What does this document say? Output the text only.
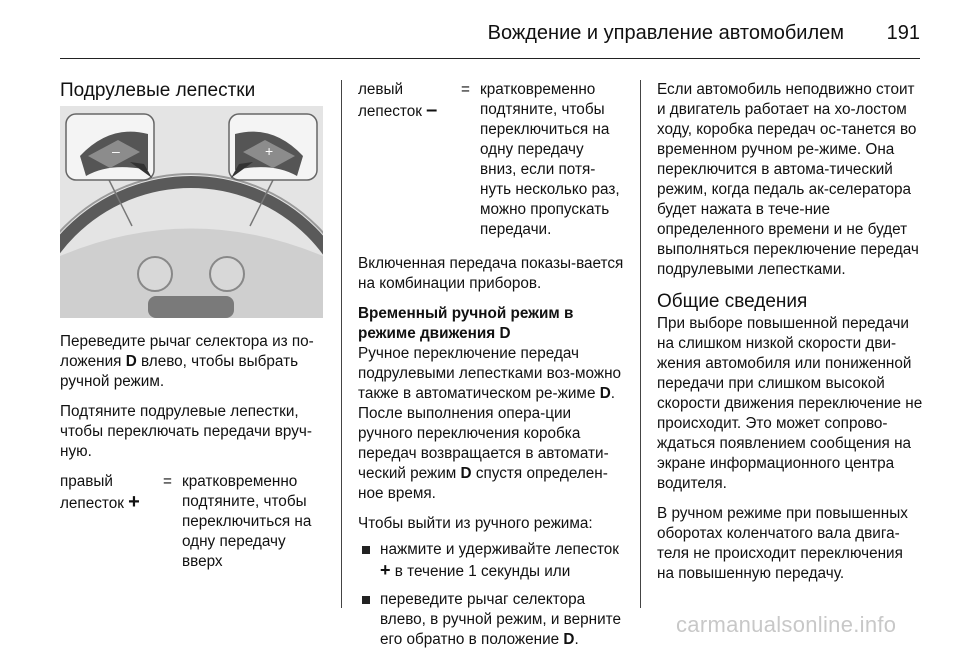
Вождение и управление автомобилем 191
Подрулевые лепестки

Переведите рычаг селектора из по-ложения D влево, чтобы выбрать ручной режим.

Подтяните подрулевые лепестки, чтобы переключать передачи вруч-ную.

правый лепесток +
= кратковременно подтяните, чтобы переключиться на одну передачу вверх
–	+
левый лепесток –
= кратковременно подтяните, чтобы переключиться на одну передачу вниз, если потя-нуть несколько раз, можно пропускать передачи.

Включенная передача показы-вается на комбинации приборов.

Временный ручной режим в режиме движения D

Ручное переключение передач подрулевыми лепестками воз-можно также в автоматическом ре-жиме D. После выполнения опера-ции ручного переключения коробка передач возвращается в автомати-ческий режим D спустя определен-ное время.

Чтобы выйти из ручного режима:

нажмите и удерживайте лепесток + в течение 1 секунды или
переведите рычаг селектора влево, в ручной режим, и верните его обратно в положение D.

Если автомобиль неподвижно стоит и двигатель работает на хо-лостом ходу, коробка передач ос-танется во временном ручном ре-жиме. Она переключится в автома-тический режим, когда педаль ак-селератора будет нажата в тече-ние определенного времени и не будет выполняться переключение передач подрулевыми лепестками.

Общие сведения

При выборе повышенной передачи на слишком низкой скорости дви-жения автомобиля или пониженной передачи при слишком высокой скорости движения переключение не происходит. Это может сопрово-ждаться появлением сообщения на экране информационного центра водителя.

В ручном режиме при повышенных оборотах коленчатого вала двига-теля не происходит переключения на повышенную передачу.

carmanualsonline.info
